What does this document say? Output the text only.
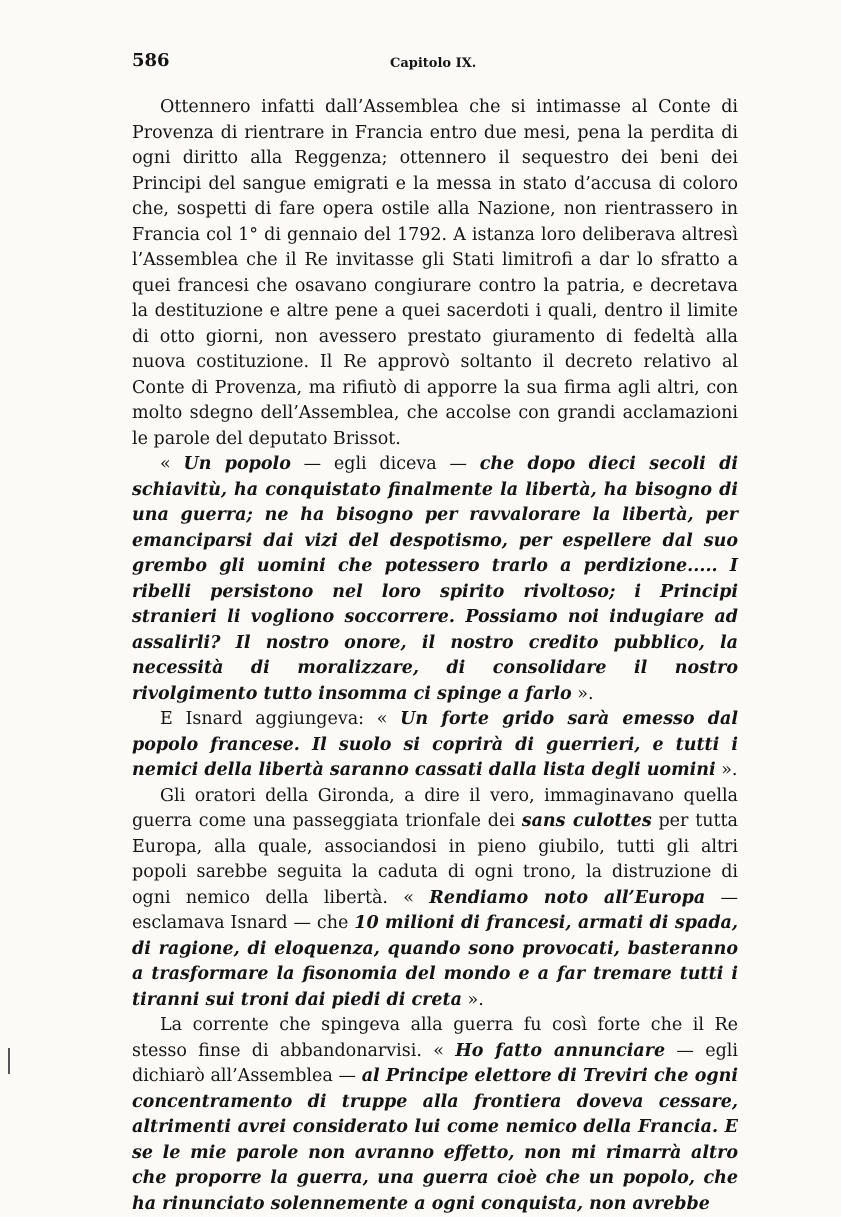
586	Capitolo IX.

Ottennero infatti dall’Assemblea che si intimasse al Conte di Provenza di rientrare in Francia entro due mesi, pena la perdita di ogni diritto alla Reggenza; ottennero il sequestro dei beni dei Principi del sangue emigrati e la messa in stato d’accusa di coloro che, sospetti di fare opera ostile alla Nazione, non rientrassero in Francia col 1° di gennaio del 1792. A istanza loro deliberava altresì l’Assemblea che il Re invitasse gli Stati limitrofi a dar lo sfratto a quei francesi che osavano congiurare contro la patria, e decretava la destituzione e altre pene a quei sacerdoti i quali, dentro il limite di otto giorni, non avessero prestato giuramento di fedeltà alla nuova costituzione. Il Re approvò soltanto il decreto relativo al Conte di Provenza, ma rifiutò di apporre la sua firma agli altri, con molto sdegno dell’Assemblea, che accolse con grandi acclamazioni le parole del deputato Brissot.

« Un popolo — egli diceva — che dopo dieci secoli di schiavitù, ha conquistato finalmente la libertà, ha bisogno di una guerra; ne ha bisogno per ravvalorare la libertà, per emanciparsi dai vizi del despotismo, per espellere dal suo grembo gli uomini che potessero trarlo a perdizione..... I ribelli persistono nel loro spirito rivoltoso; i Principi stranieri li vogliono soccorrere. Possiamo noi indugiare ad assalirli? Il nostro onore, il nostro credito pubblico, la necessità di moralizzare, di consolidare il nostro rivolgimento tutto insomma ci spinge a farlo ».

E Isnard aggiungeva: « Un forte grido sarà emesso dal popolo francese. Il suolo si coprirà di guerrieri, e tutti i nemici della libertà saranno cassati dalla lista degli uomini ».

Gli oratori della Gironda, a dire il vero, immaginavano quella guerra come una passeggiata trionfale dei sans culottes per tutta Europa, alla quale, associandosi in pieno giubilo, tutti gli altri popoli sarebbe seguita la caduta di ogni trono, la distruzione di ogni nemico della libertà. « Rendiamo noto all’Europa — esclamava Isnard — che 10 milioni di francesi, armati di spada, di ragione, di eloquenza, quando sono provocati, basteranno a trasformare la fisonomia del mondo e a far tremare tutti i tiranni sui troni dai piedi di creta ».

La corrente che spingeva alla guerra fu così forte che il Re stesso finse di abbandonarvisi. « Ho fatto annunciare — egli dichiarò all’Assemblea — al Principe elettore di Treviri che ogni concentramento di truppe alla frontiera doveva cessare, altrimenti avrei considerato lui come nemico della Francia. E se le mie parole non avranno effetto, non mi rimarrà altro che proporre la guerra, una guerra cioè che un popolo, che ha rinunciato solennemente a ogni conquista, non avrebbe
